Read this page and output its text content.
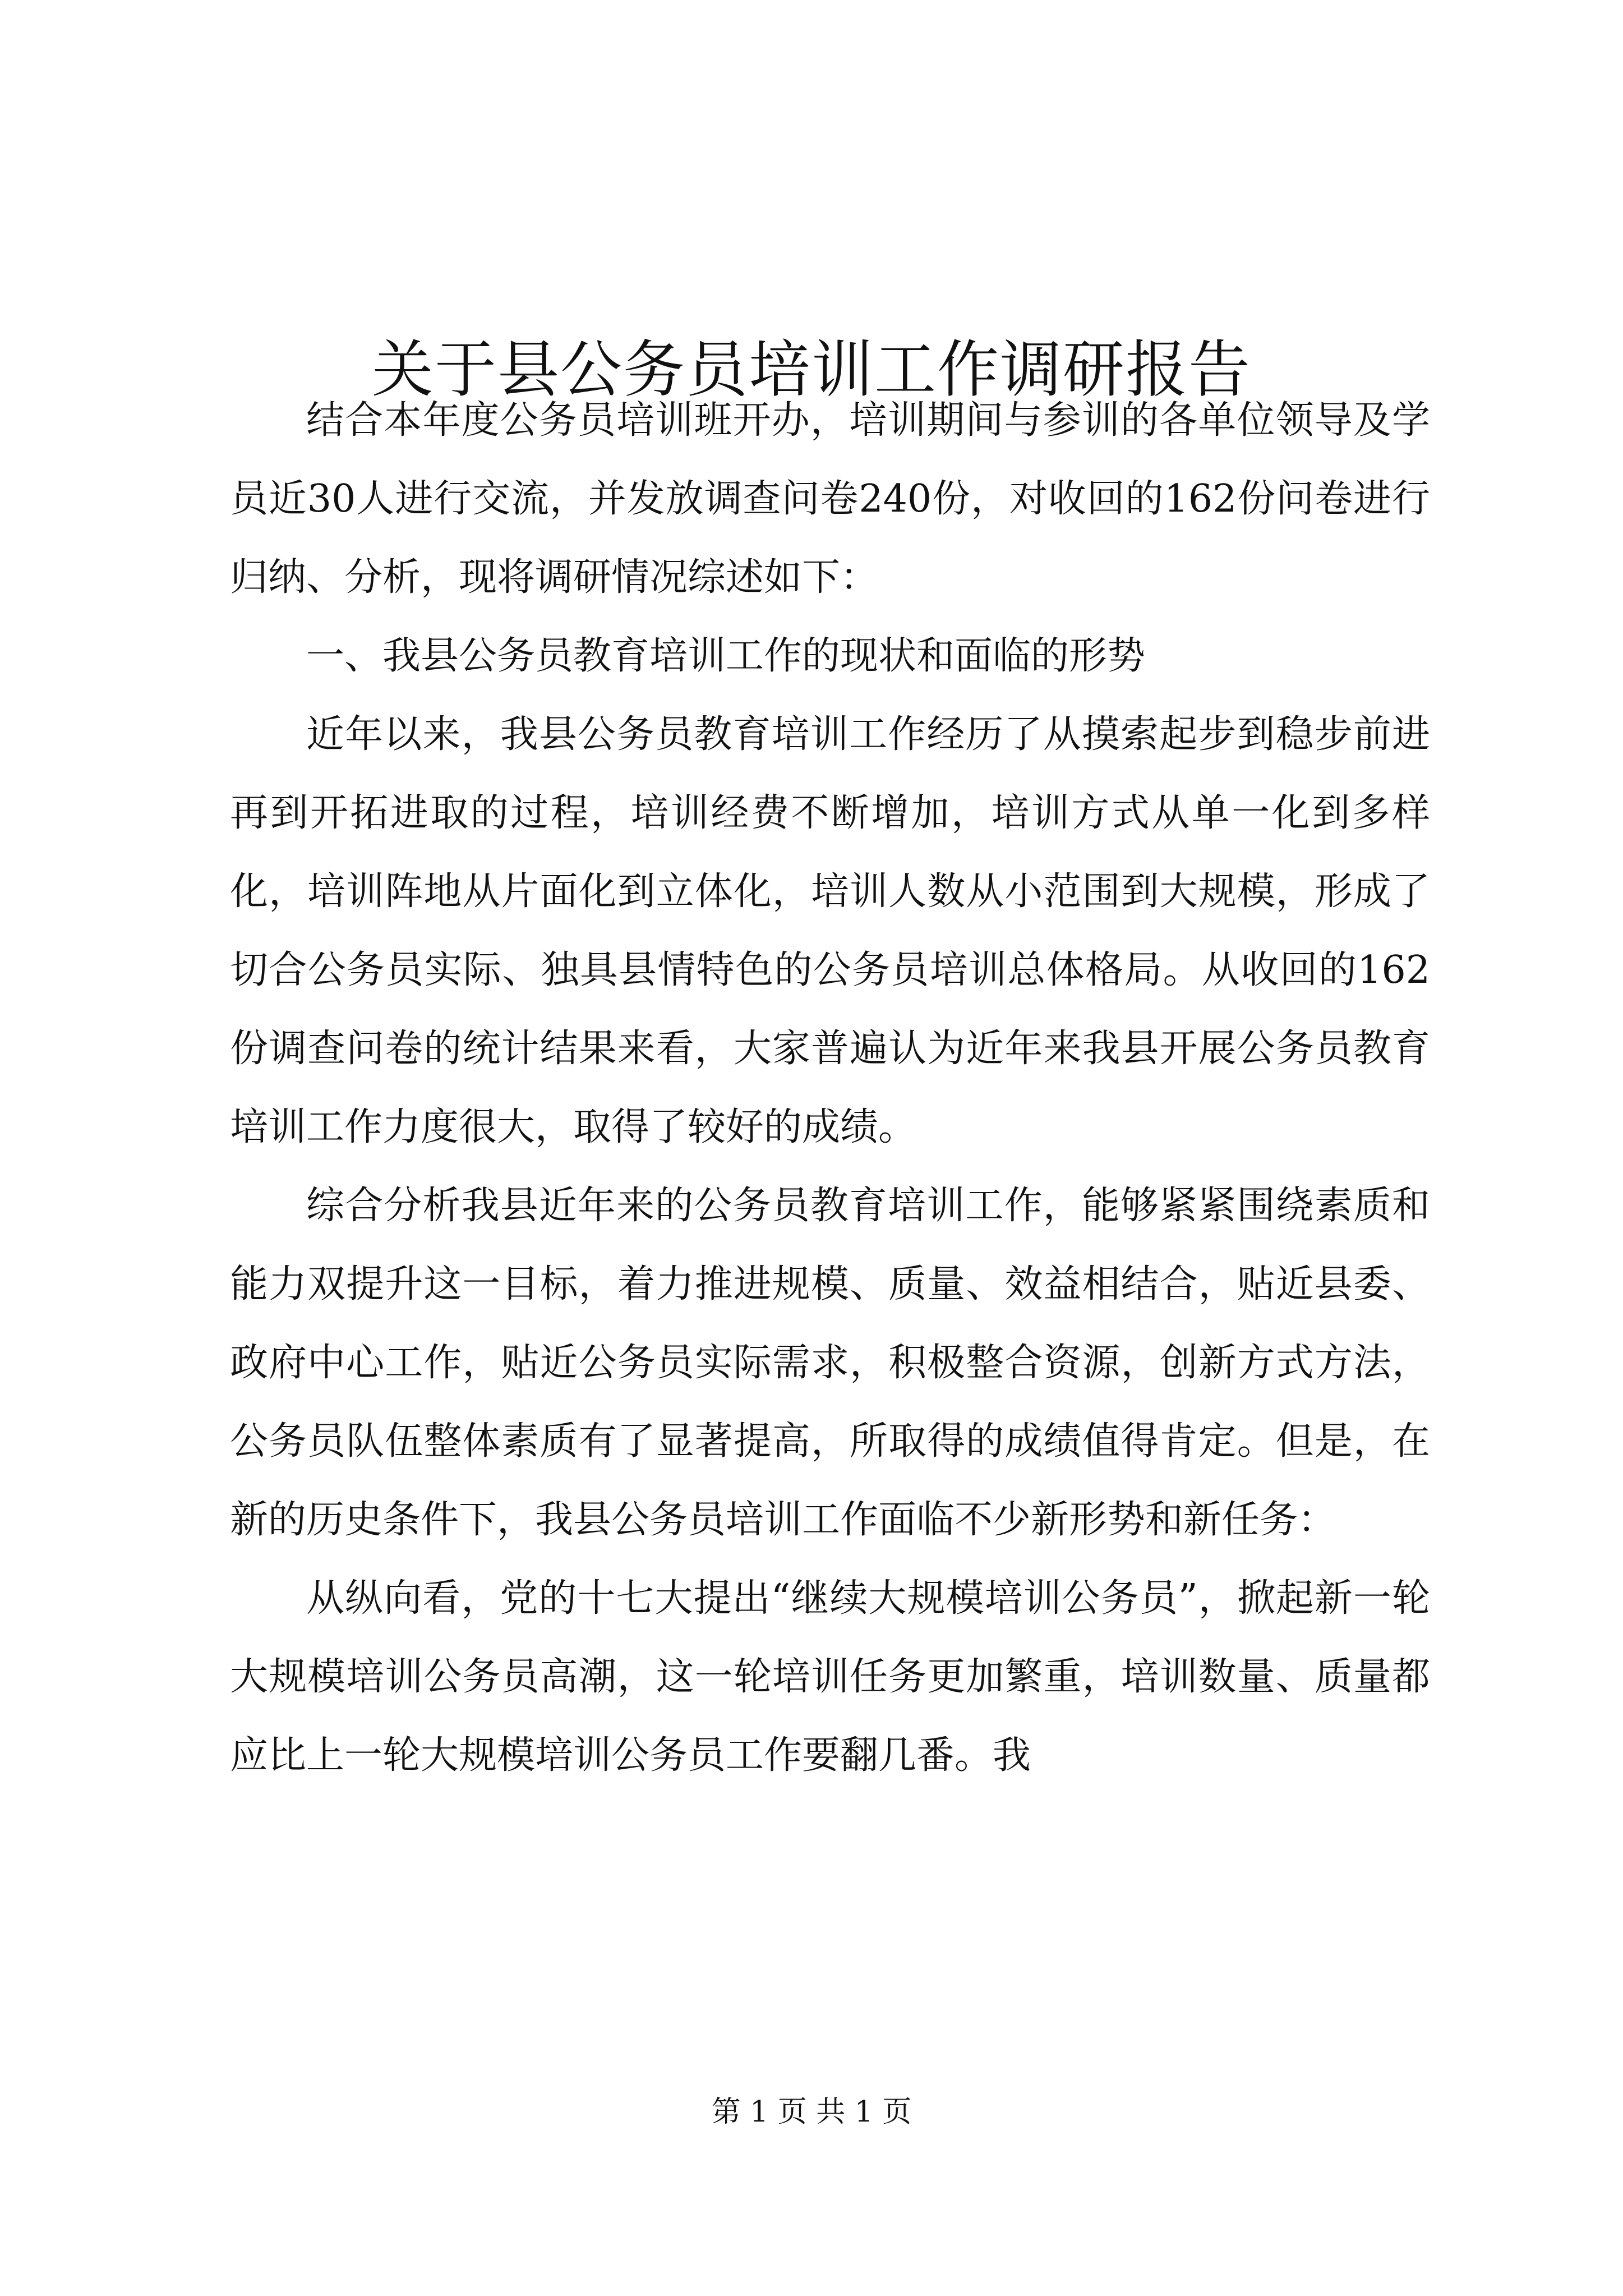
关于县公务员培训工作调研报告

结合本年度公务员培训班开办，培训期间与参训的各单位领导及学员近30人进行交流，并发放调查问卷240份，对收回的162份问卷进行归纳、分析，现将调研情况综述如下：

一、我县公务员教育培训工作的现状和面临的形势

近年以来，我县公务员教育培训工作经历了从摸索起步到稳步前进再到开拓进取的过程，培训经费不断增加，培训方式从单一化到多样化，培训阵地从片面化到立体化，培训人数从小范围到大规模，形成了切合公务员实际、独具县情特色的公务员培训总体格局。从收回的162份调查问卷的统计结果来看，大家普遍认为近年来我县开展公务员教育培训工作力度很大，取得了较好的成绩。

综合分析我县近年来的公务员教育培训工作，能够紧紧围绕素质和能力双提升这一目标，着力推进规模、质量、效益相结合，贴近县委、政府中心工作，贴近公务员实际需求，积极整合资源，创新方式方法，公务员队伍整体素质有了显著提高，所取得的成绩值得肯定。但是，在新的历史条件下，我县公务员培训工作面临不少新形势和新任务：

从纵向看，党的十七大提出“继续大规模培训公务员”，掀起新一轮大规模培训公务员高潮，这一轮培训任务更加繁重，培训数量、质量都应比上一轮大规模培训公务员工作要翻几番。我

第 1 页 共 1 页
